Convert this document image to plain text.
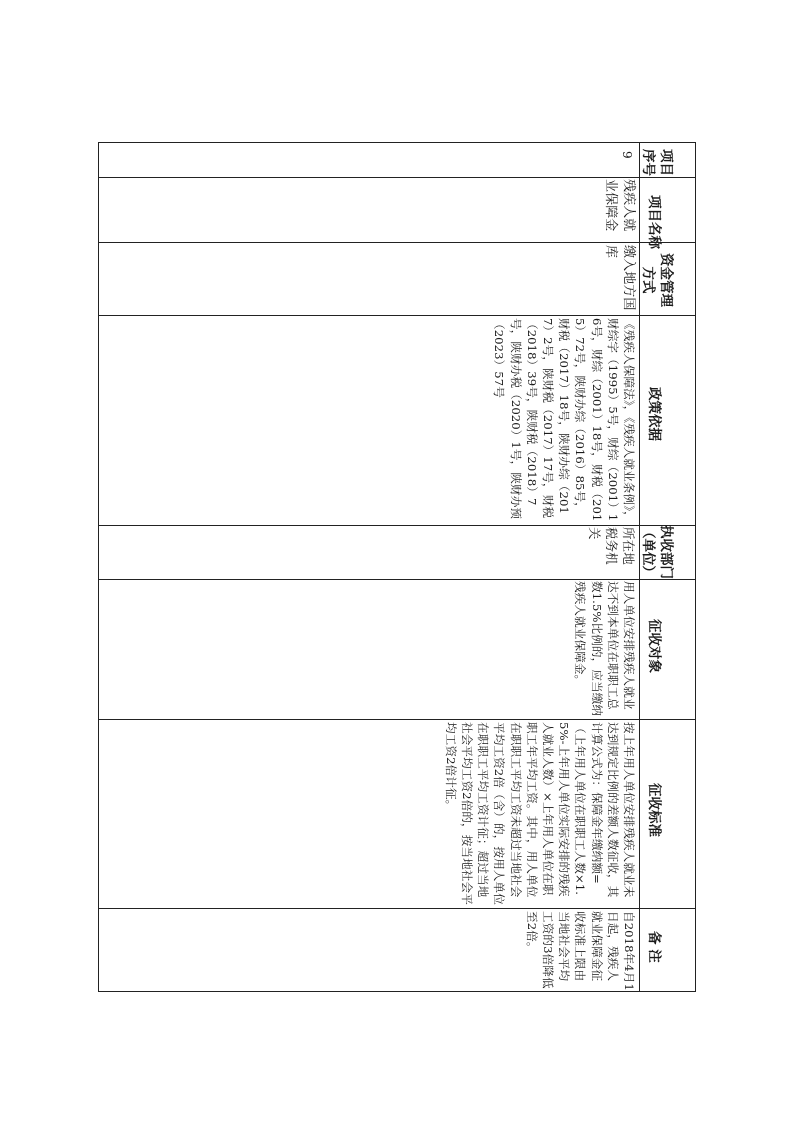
项目序号
项目名称
资金管理方式
政策依据
执收部门（单位）
征收对象
征收标准
备 注
9
残疾人就业保障金
缴入地方国库
《残疾人保障法》，《残疾人就业条例》，财综字（1995）5号，财综（2001）16号，财综（2001）18号，财税（2015）72号，陕财办综（2016）85号，财税（2017）18号，陕财办综（2017）2号，陕财税（2017）17号，财税（2018）39号，陕财税（2018）7号，陕财办税（2020）1号，陕财办预（2023）57号
所在地税务机关
用人单位安排残疾人就业达不到本单位在职职工总数1.5%比例的，应当缴纳残疾人就业保障金。
按上年用人单位安排残疾人就业未达到规定比例的差额人数征收，其计算公式为：保障金年缴纳额=（上年用人单位在职职工人数×1.5%-上年用人单位实际安排的残疾人就业人数）×上年用人单位在职职工年平均工资。其中，用人单位在职职工平均工资未超过当地社会平均工资2倍（含）的，按用人单位在职职工平均工资计征；超过当地社会平均工资2倍的，按当地社会平均工资2倍计征。
自2018年4月1日起，残疾人就业保障金征收标准上限由当地社会平均工资的3倍降低至2倍。
